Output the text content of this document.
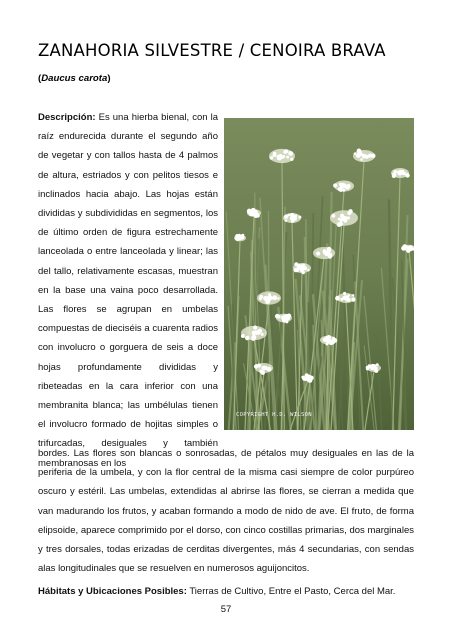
ZANAHORIA SILVESTRE / CENOIRA BRAVA
(Daucus carota)
Descripción: Es una hierba bienal, con la raíz endurecida durante el segundo año de vegetar y con tallos hasta de 4 palmos de altura, estriados y con pelitos tiesos e inclinados hacia abajo. Las hojas están divididas y subdivididas en segmentos, los de último orden de figura estrechamente lanceolada o entre lanceolada y linear; las del tallo, relativamente escasas, muestran en la base una vaina poco desarrollada. Las flores se agrupan en umbelas compuestas de dieciséis a cuarenta radios con involucro o gorguera de seis a doce hojas profundamente divididas y ribeteadas en la cara inferior con una membranita blanca; las umbélulas tienen el involucro formado de hojitas simples o trifurcadas, desiguales y también membranosas en los
COPYRIGHT H.D. WILSON
bordes. Las flores son blancas o sonrosadas, de pétalos muy desiguales en las de la periferia de la umbela, y con la flor central de la misma casi siempre de color purpúreo oscuro y estéril. Las umbelas, extendidas al abrirse las flores, se cierran a medida que van madurando los frutos, y acaban formando a modo de nido de ave. El fruto, de forma elipsoide, aparece comprimido por el dorso, con cinco costillas primarias, dos marginales y tres dorsales, todas erizadas de cerditas divergentes, más 4 secundarias, con sendas alas longitudinales que se resuelven en numerosos aguijoncitos.
Hábitats y Ubicaciones Posibles: Tierras de Cultivo, Entre el Pasto, Cerca del Mar.
57
